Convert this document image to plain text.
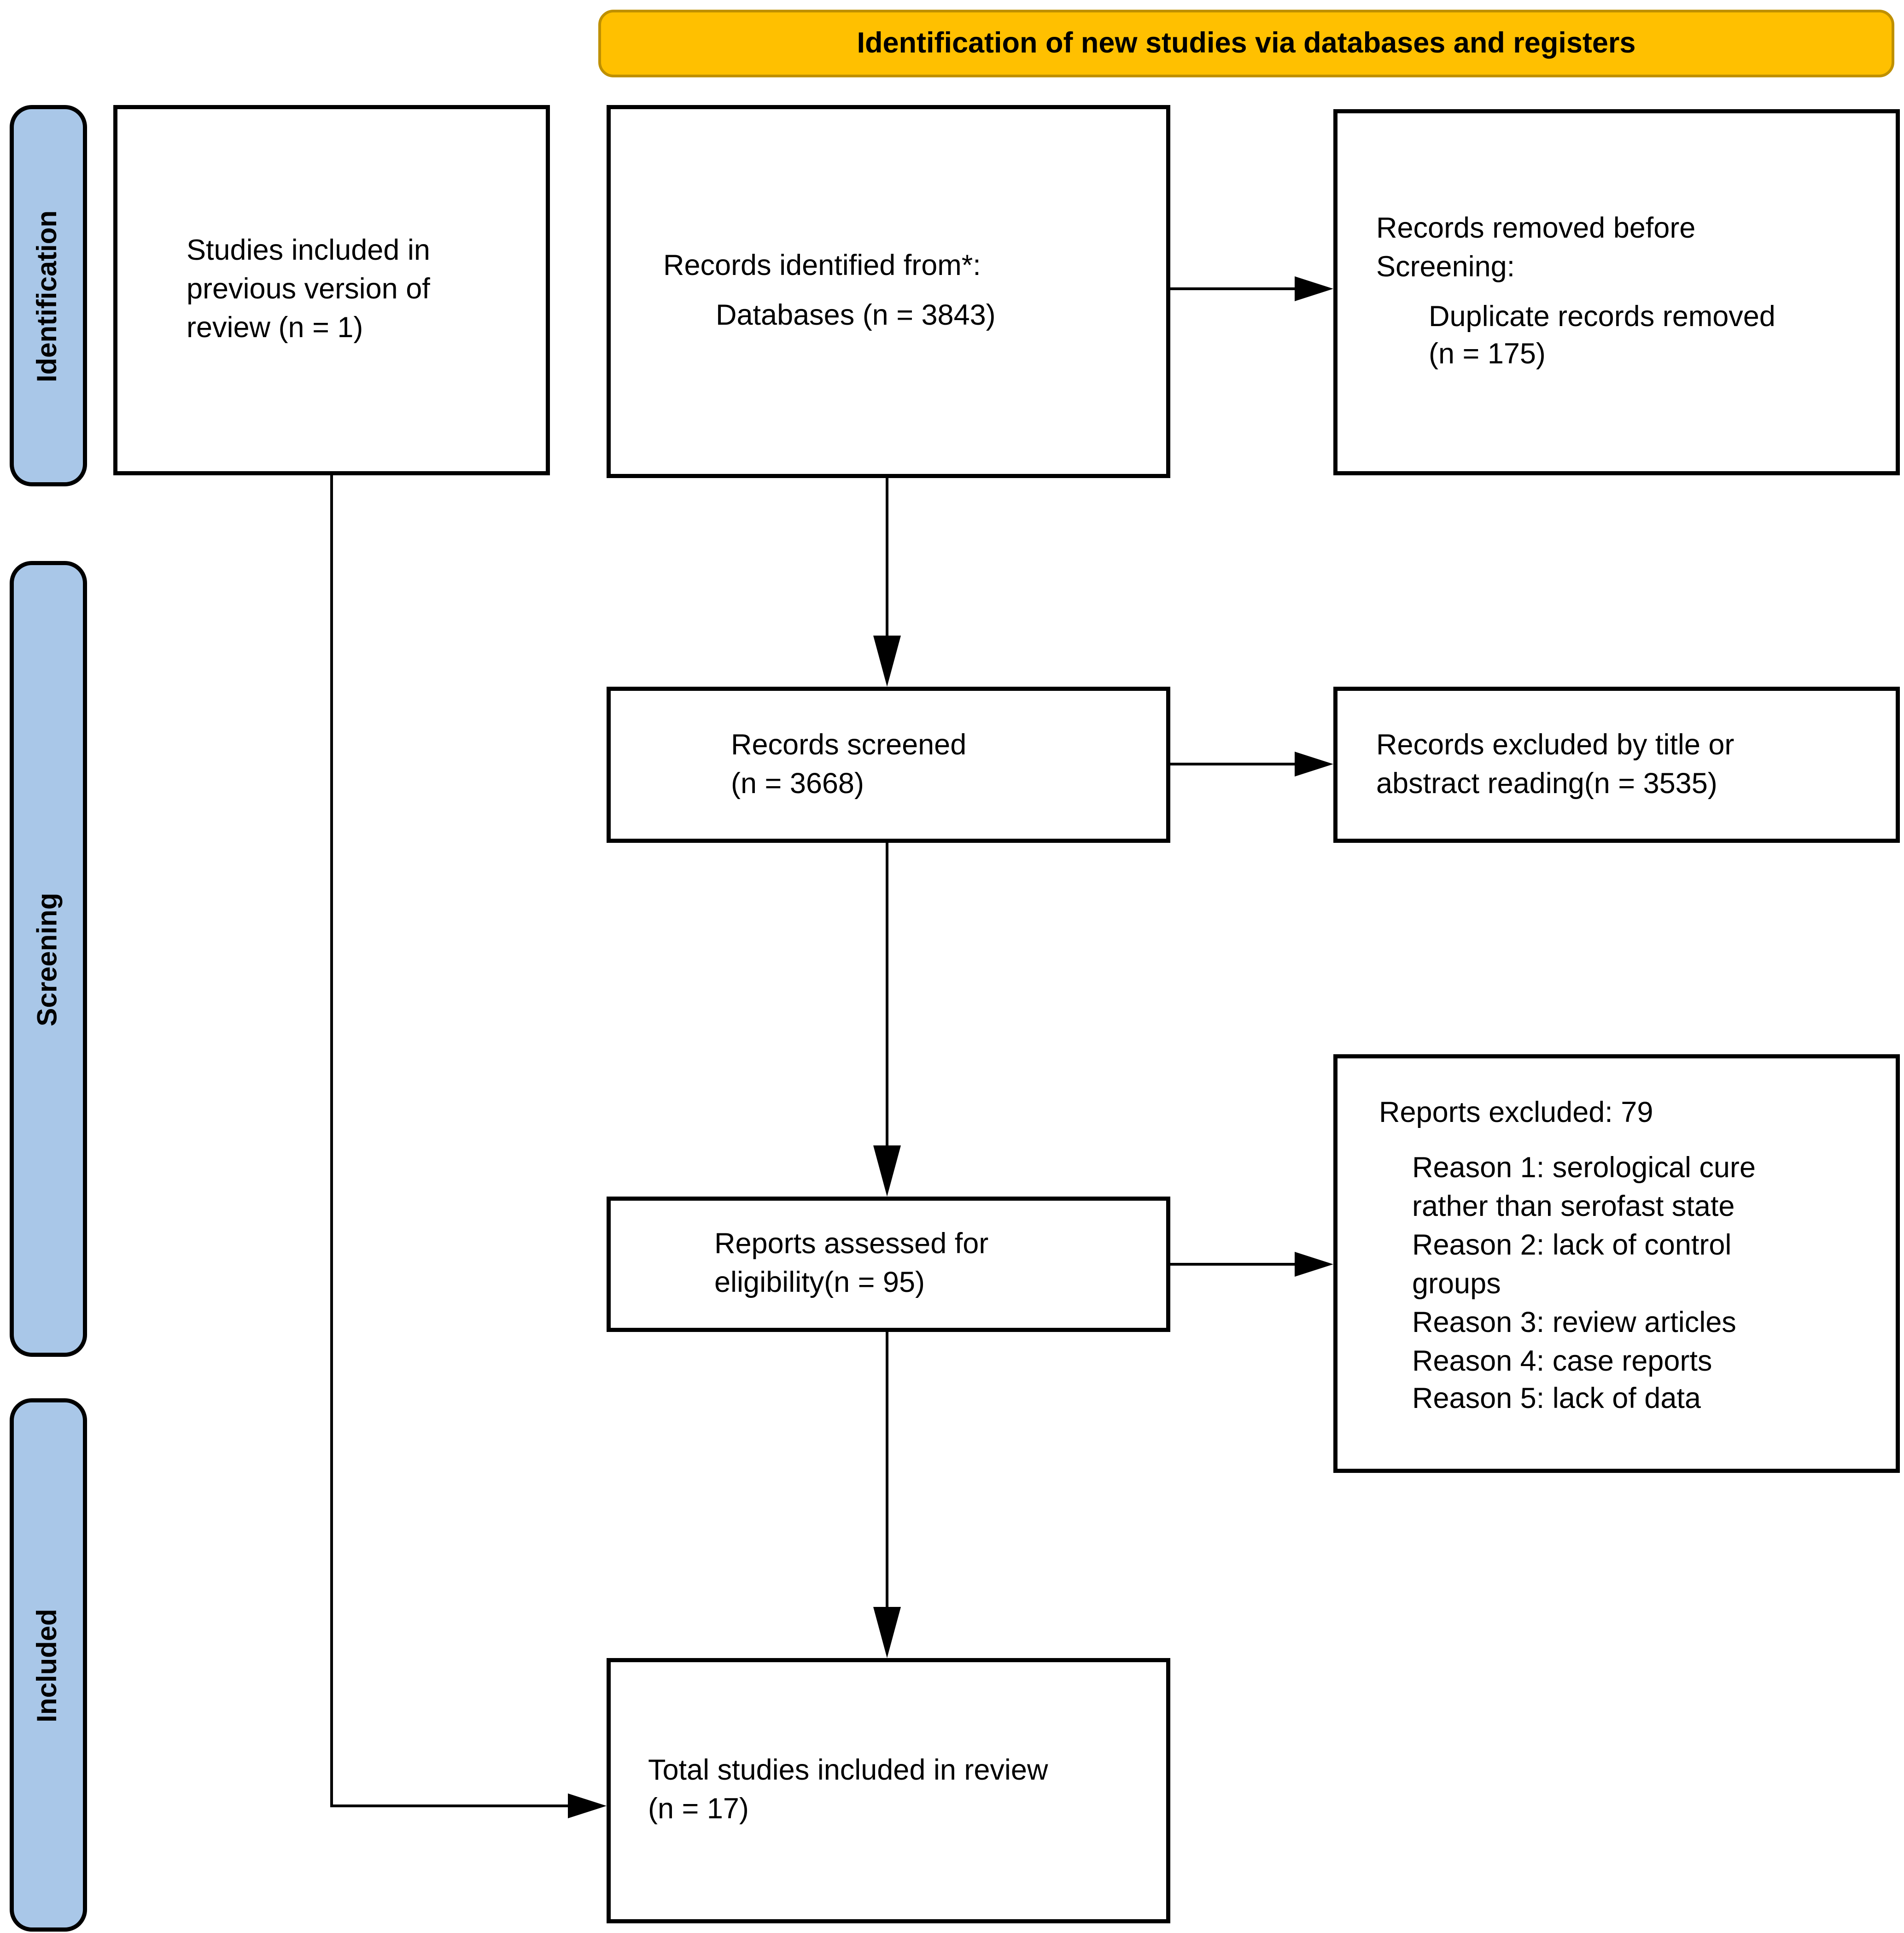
Identification of new studies via databases and registers
Identification
Screening
Included
Studies included in
previous version of
review (n = 1)
Records identified from*:
Databases (n = 3843)
Records removed before
Screening:
Duplicate records removed
(n = 175)
Records screened
(n = 3668)
Records excluded by title or
abstract reading(n = 3535)
Reports assessed for
eligibility(n = 95)
Reports excluded: 79
Reason 1: serological cure
rather than serofast state
Reason 2: lack of control
groups
Reason 3: review articles
Reason 4: case reports
Reason 5: lack of data
Total studies included in review
(n = 17)
